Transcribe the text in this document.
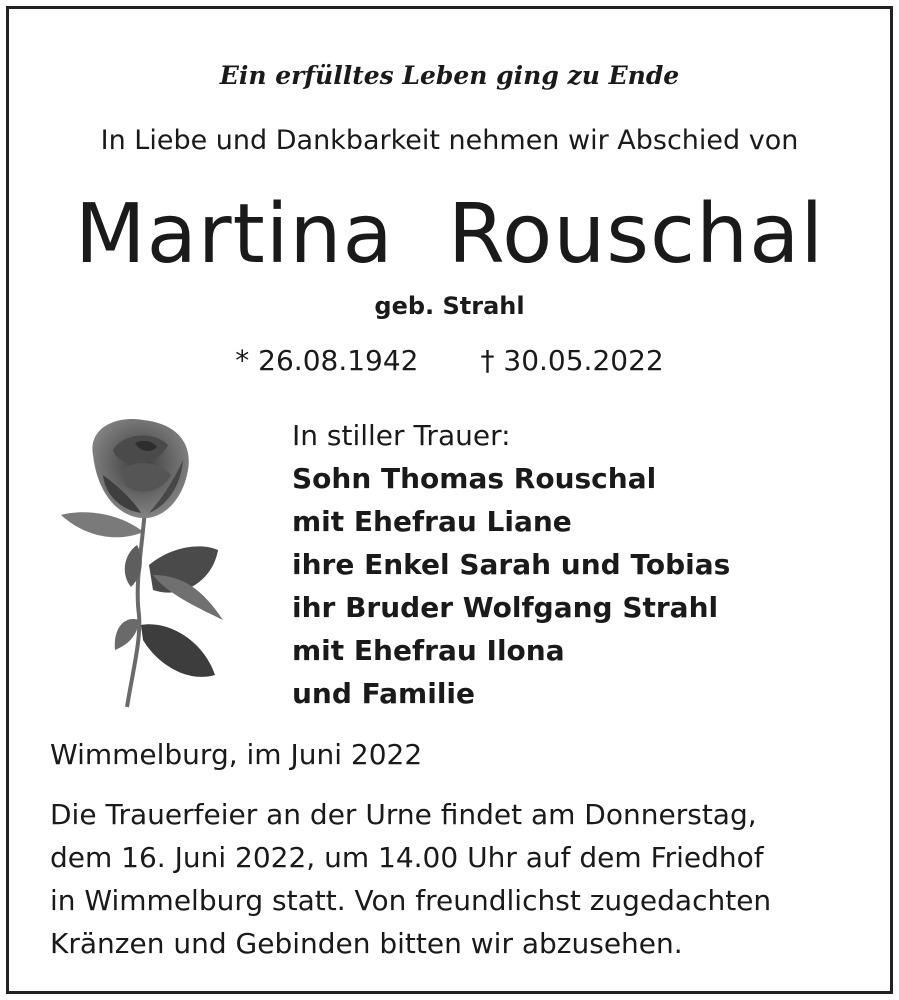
Ein erfülltes Leben ging zu Ende
In Liebe und Dankbarkeit nehmen wir Abschied von
Martina Rouschal
geb. Strahl
* 26.08.1942 † 30.05.2022
In stiller Trauer:
Sohn Thomas Rouschal
mit Ehefrau Liane
ihre Enkel Sarah und Tobias
ihr Bruder Wolfgang Strahl
mit Ehefrau Ilona
und Familie
Wimmelburg, im Juni 2022
Die Trauerfeier an der Urne findet am Donnerstag,
dem 16. Juni 2022, um 14.00 Uhr auf dem Friedhof
in Wimmelburg statt. Von freundlichst zugedachten
Kränzen und Gebinden bitten wir abzusehen.
